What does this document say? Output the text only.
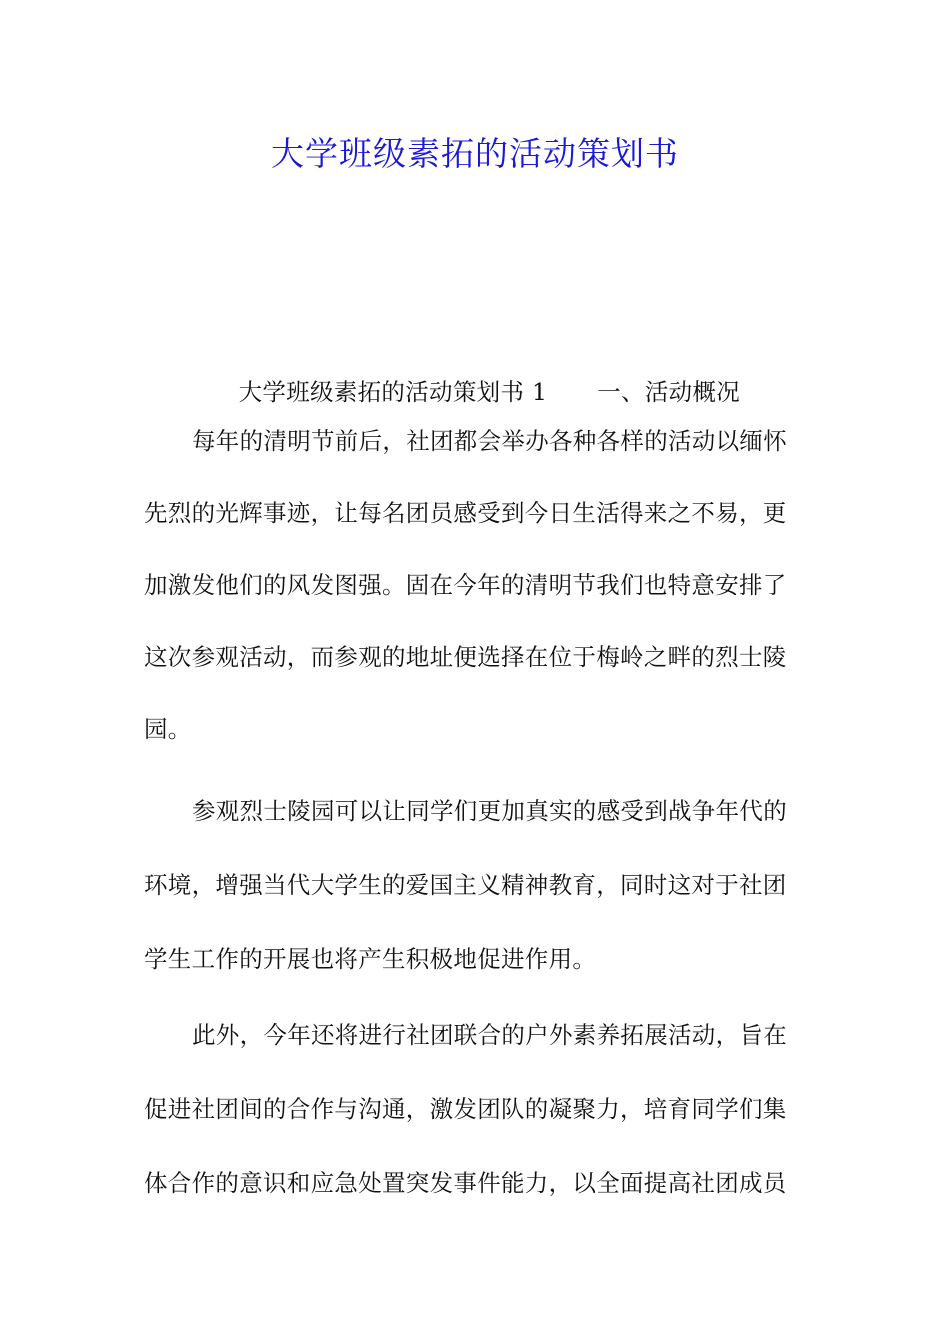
大学班级素拓的活动策划书

大学班级素拓的活动策划书 1 一、活动概况

每年的清明节前后，社团都会举办各种各样的活动以缅怀
先烈的光辉事迹，让每名团员感受到今日生活得来之不易，更
加激发他们的风发图强。固在今年的清明节我们也特意安排了
这次参观活动，而参观的地址便选择在位于梅岭之畔的烈士陵
园。
参观烈士陵园可以让同学们更加真实的感受到战争年代的
环境，增强当代大学生的爱国主义精神教育，同时这对于社团
学生工作的开展也将产生积极地促进作用。
此外，今年还将进行社团联合的户外素养拓展活动，旨在
促进社团间的合作与沟通，激发团队的凝聚力，培育同学们集
体合作的意识和应急处置突发事件能力，以全面提高社团成员
